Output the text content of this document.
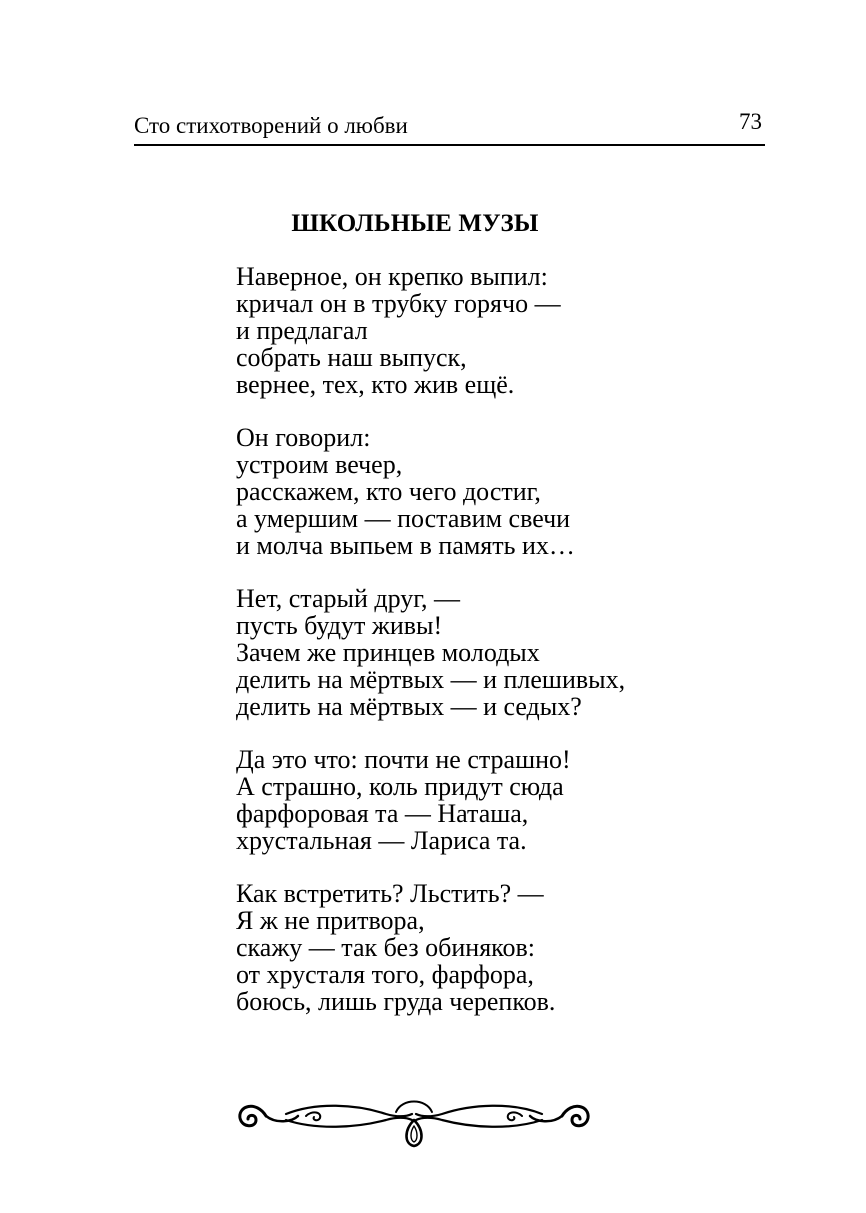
Сто стихотворений о любви	73
ШКОЛЬНЫЕ МУЗЫ
Наверное, он крепко выпил:
кричал он в трубку горячо —
и предлагал
собрать наш выпуск,
вернее, тех, кто жив ещё.
Он говорил:
устроим вечер,
расскажем, кто чего достиг,
а умершим — поставим свечи
и молча выпьем в память их…
Нет, старый друг, —
пусть будут живы!
Зачем же принцев молодых
делить на мёртвых — и плешивых,
делить на мёртвых — и седых?
Да это что: почти не страшно!
А страшно, коль придут сюда
фарфоровая та — Наташа,
хрустальная — Лариса та.
Как встретить? Льстить? —
Я ж не притвора,
скажу — так без обиняков:
от хрусталя того, фарфора,
боюсь, лишь груда черепков.
